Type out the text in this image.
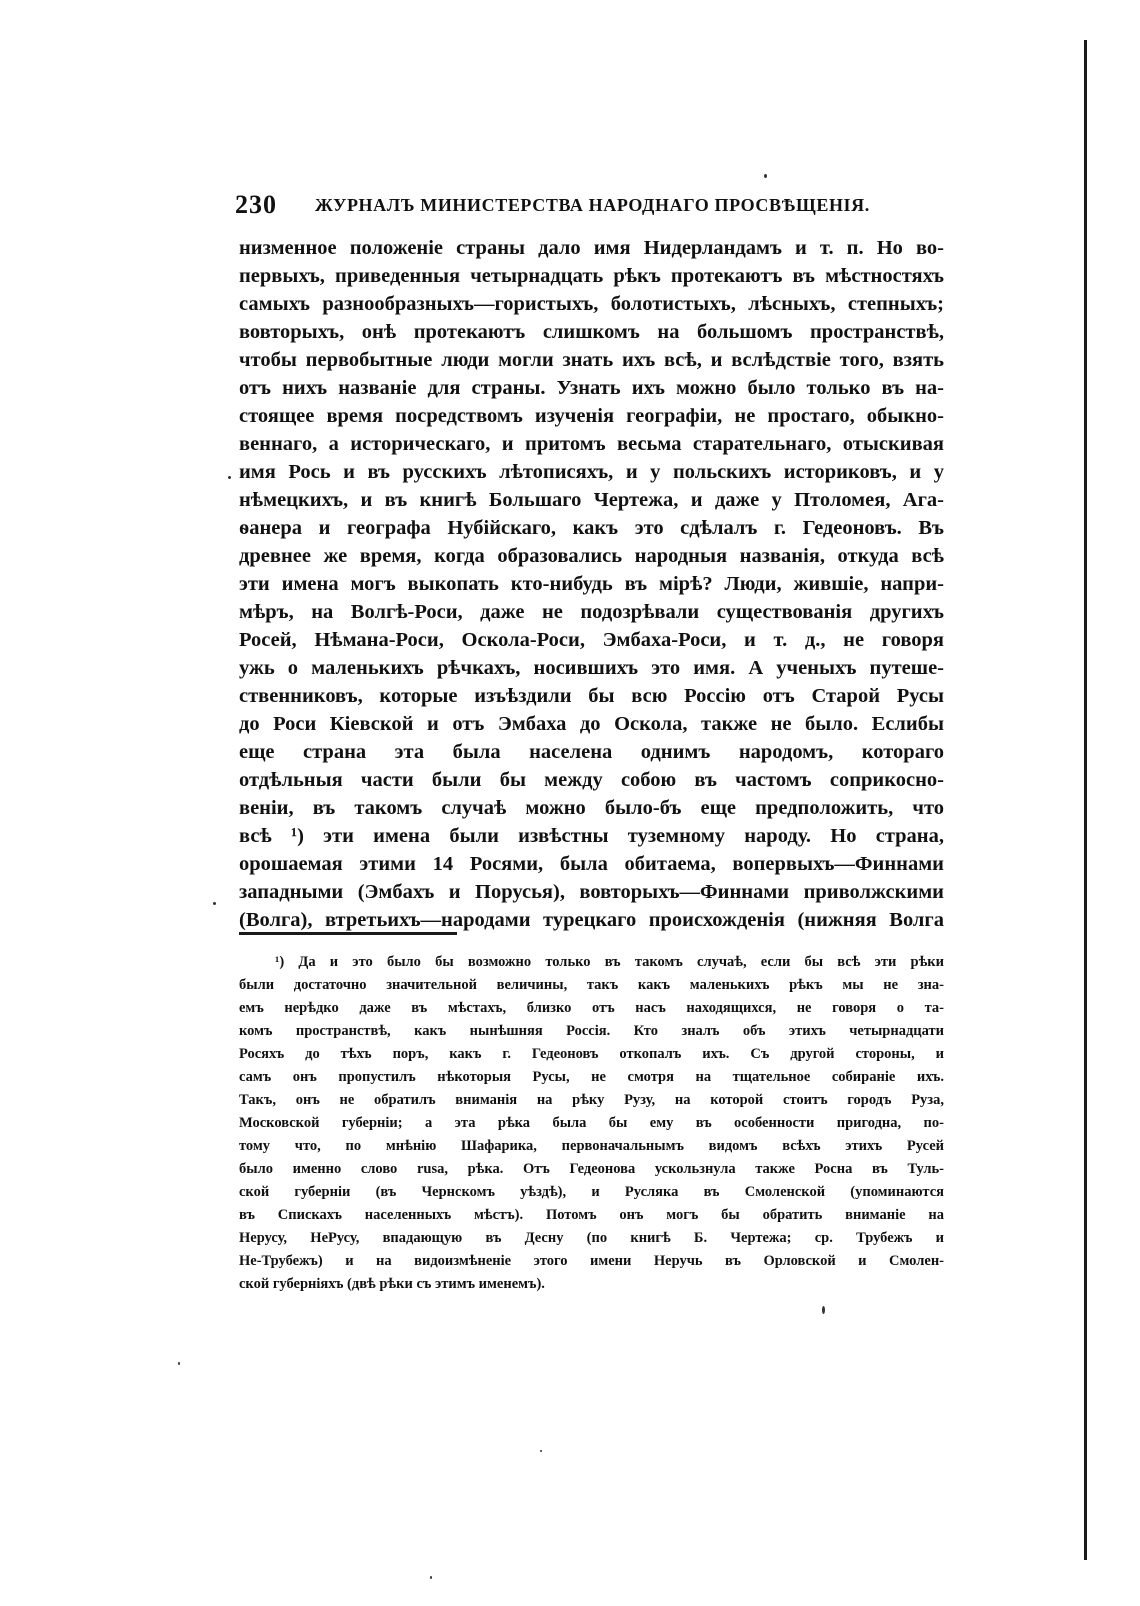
230 ЖУРНАЛЪ МИНИСТЕРСТВА НАРОДНАГО ПРОСВѢЩЕНІЯ.
низменное положеніе страны дало имя Нидерландамъ и т. п. Но во-
первыхъ, приведенныя четырнадцать рѣкъ протекаютъ въ мѣстностяхъ
самыхъ разнообразныхъ—гористыхъ, болотистыхъ, лѣсныхъ, степныхъ;
вовторыхъ, онѣ протекаютъ слишкомъ на большомъ пространствѣ,
чтобы первобытные люди могли знать ихъ всѣ, и вслѣдствіе того, взять
отъ нихъ названіе для страны. Узнать ихъ можно было только въ на-
стоящее время посредствомъ изученія географіи, не простаго, обыкно-
веннаго, а историческаго, и притомъ весьма старательнаго, отыскивая
имя Рось и въ русскихъ лѣтописяхъ, и у польскихъ историковъ, и у
нѣмецкихъ, и въ книгѣ Большаго Чертежа, и даже у Птоломея, Ага-
ѳанера и географа Нубійскаго, какъ это сдѣлалъ г. Гедеоновъ. Въ
древнее же время, когда образовались народныя названія, откуда всѣ
эти имена могъ выкопать кто-нибудь въ мірѣ? Люди, жившіе, напри-
мѣръ, на Волгѣ-Роси, даже не подозрѣвали существованія другихъ
Росей, Нѣмана-Роси, Оскола-Роси, Эмбаха-Роси, и т. д., не говоря
ужь о маленькихъ рѣчкахъ, носившихъ это имя. А ученыхъ путеше-
ственниковъ, которые изъѣздили бы всю Россію отъ Старой Русы
до Роси Кіевской и отъ Эмбаха до Оскола, также не было. Еслибы
еще страна эта была населена однимъ народомъ, котораго
отдѣльныя части были бы между собою въ частомъ соприкосно-
веніи, въ такомъ случаѣ можно было-бъ еще предположить, что
всѣ ¹) эти имена были извѣстны туземному народу. Но страна,
орошаемая этими 14 Росями, была обитаема, вопервыхъ—Финнами
западными (Эмбахъ и Порусья), вовторыхъ—Финнами приволжскими
(Волга), втретьихъ—народами турецкаго происхожденія (нижняя Волга
¹) Да и это было бы возможно только въ такомъ случаѣ, если бы всѣ эти рѣки
были достаточно значительной величины, такъ какъ маленькихъ рѣкъ мы не зна-
емъ нерѣдко даже въ мѣстахъ, близко отъ насъ находящихся, не говоря о та-
комъ пространствѣ, какъ нынѣшняя Россія. Кто зналъ объ этихъ четырнадцати
Росяхъ до тѣхъ поръ, какъ г. Гедеоновъ откопалъ ихъ. Съ другой стороны, и
самъ онъ пропустилъ нѣкоторыя Русы, не смотря на тщательное собираніе ихъ.
Такъ, онъ не обратилъ вниманія на рѣку Рузу, на которой стоитъ городъ Руза,
Московской губерніи; а эта рѣка была бы ему въ особенности пригодна, по-
тому что, по мнѣнію Шафарика, первоначальнымъ видомъ всѣхъ этихъ Русей
было именно слово rusa, рѣка. Отъ Гедеонова ускользнула также Росна въ Туль-
ской губерніи (въ Чернскомъ уѣздѣ), и Русляка въ Смоленской (упоминаются
въ Спискахъ населенныхъ мѣстъ). Потомъ онъ могъ бы обратить вниманіе на
Нерусу, НеРусу, впадающую въ Десну (по книгѣ Б. Чертежа; ср. Трубежъ и
Не-Трубежъ) и на видоизмѣненіе этого имени Неручь въ Орловской и Смолен-
ской губерніяхъ (двѣ рѣки съ этимъ именемъ).
